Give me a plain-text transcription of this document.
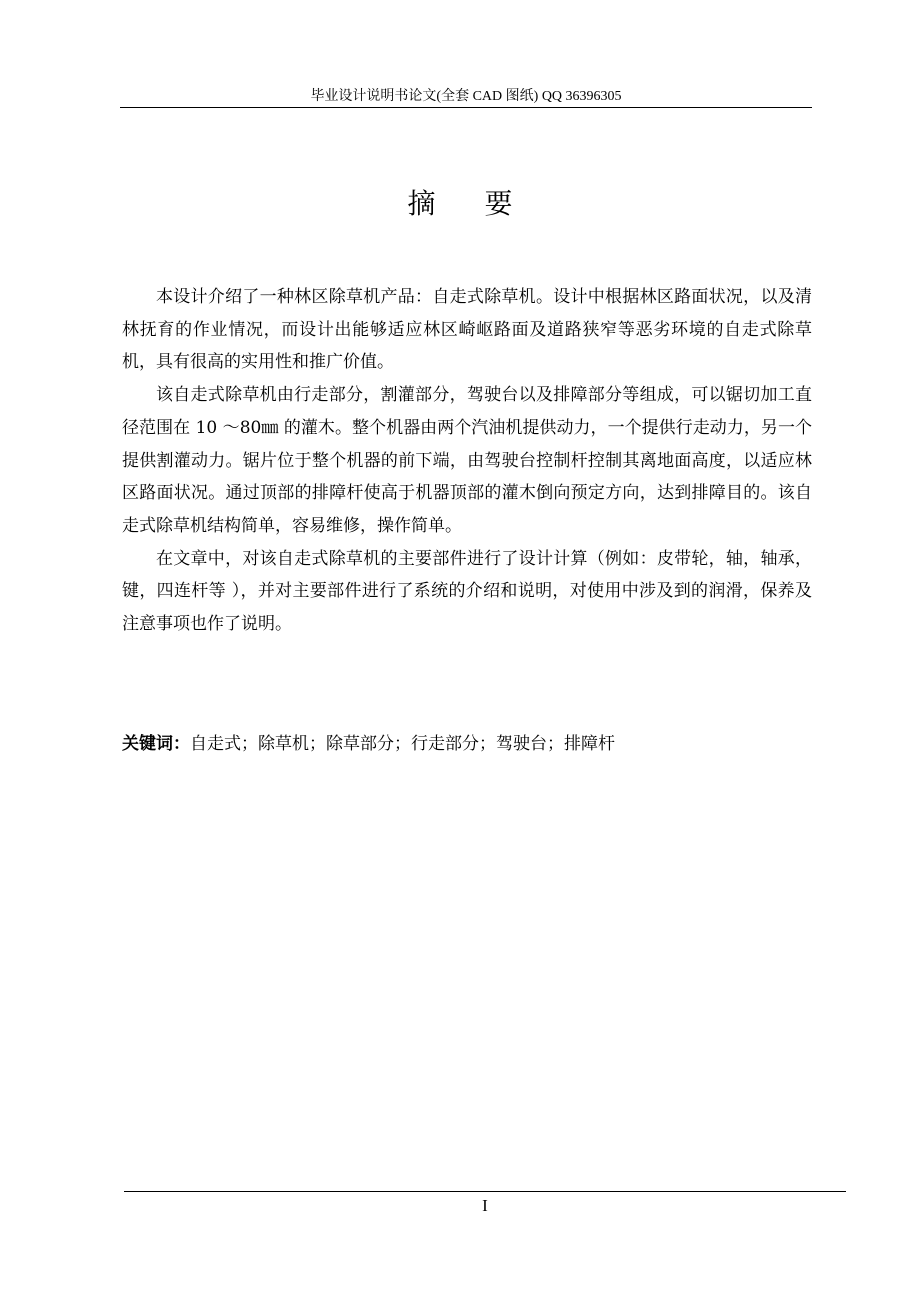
毕业设计说明书论文(全套 CAD 图纸) QQ 36396305
摘 要

本设计介绍了一种林区除草机产品：自走式除草机。设计中根据林区路面状况，以及清林抚育的作业情况，而设计出能够适应林区崎岖路面及道路狭窄等恶劣环境的自走式除草机，具有很高的实用性和推广价值。

该自走式除草机由行走部分，割灌部分，驾驶台以及排障部分等组成，可以锯切加工直径范围在 10 ～80㎜ 的灌木。整个机器由两个汽油机提供动力，一个提供行走动力，另一个提供割灌动力。锯片位于整个机器的前下端，由驾驶台控制杆控制其离地面高度，以适应林区路面状况。通过顶部的排障杆使高于机器顶部的灌木倒向预定方向，达到排障目的。该自走式除草机结构简单，容易维修，操作简单。

在文章中，对该自走式除草机的主要部件进行了设计计算（例如：皮带轮，轴，轴承，键，四连杆等 ），并对主要部件进行了系统的介绍和说明，对使用中涉及到的润滑，保养及注意事项也作了说明。

关键词：自走式；除草机；除草部分；行走部分；驾驶台；排障杆
I
